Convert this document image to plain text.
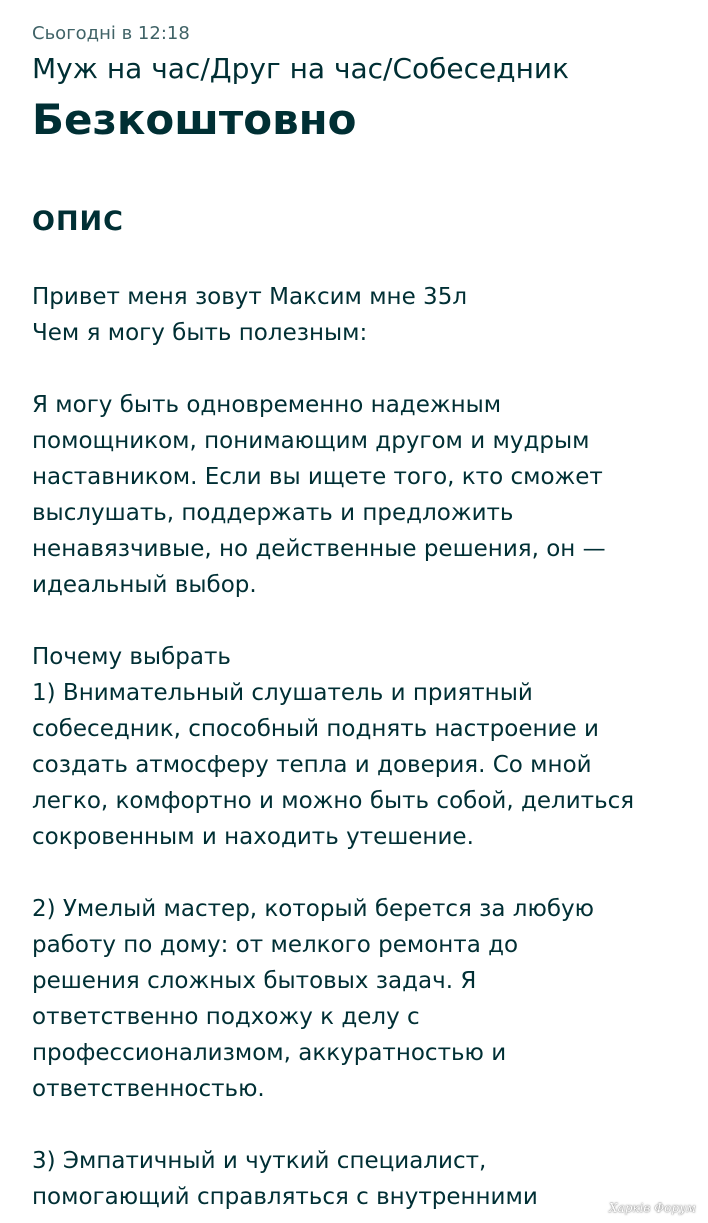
Сьогодні в 12:18
Муж на час/Друг на час/Собеседник
Безкоштовно
ОПИС
Привет меня зовут Максим мне 35л
Чем я могу быть полезным:
Я могу быть одновременно надежным
помощником, понимающим другом и мудрым
наставником. Если вы ищете того, кто сможет
выслушать, поддержать и предложить
ненавязчивые, но действенные решения, он —
идеальный выбор.
Почему выбрать
1) Внимательный слушатель и приятный
собеседник, способный поднять настроение и
создать атмосферу тепла и доверия. Со мной
легко, комфортно и можно быть собой, делиться
сокровенным и находить утешение.
2) Умелый мастер, который берется за любую
работу по дому: от мелкого ремонта до
решения сложных бытовых задач. Я
ответственно подхожу к делу с
профессионализмом, аккуратностью и
ответственностью.
3) Эмпатичный и чуткий специалист,
помогающий справляться с внутренними	Харків Форум
